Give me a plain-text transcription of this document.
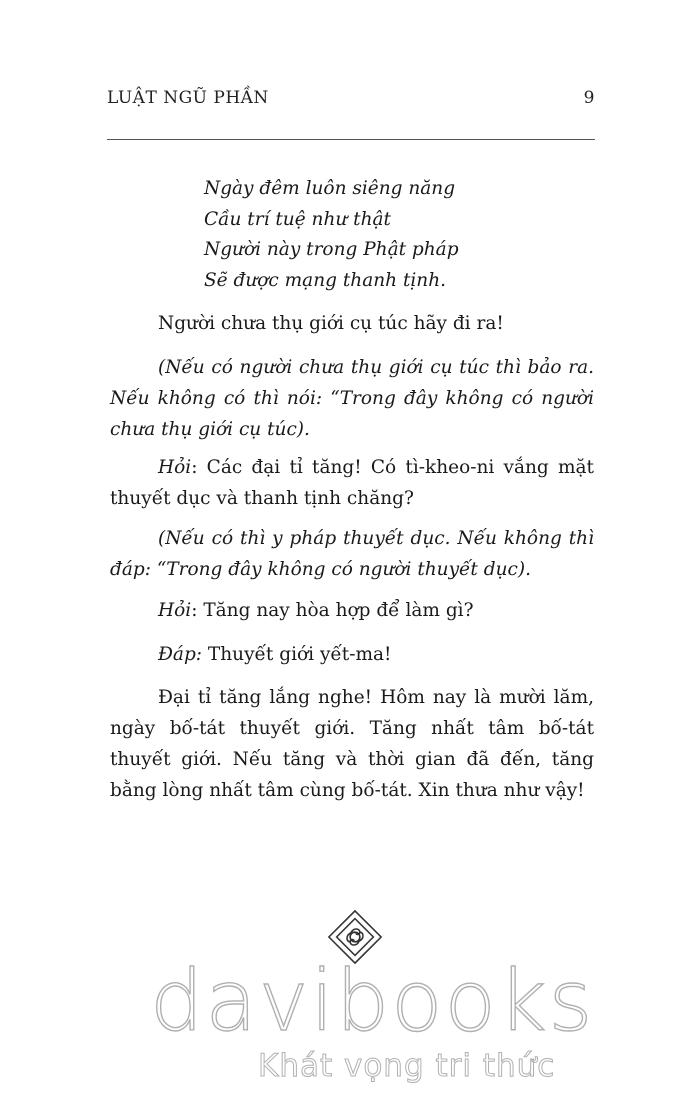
LUẬT NGŨ PHẦN	9
Ngày đêm luôn siêng năng
Cầu trí tuệ như thật
Người này trong Phật pháp
Sẽ được mạng thanh tịnh.

Người chưa thụ giới cụ túc hãy đi ra!

(Nếu có người chưa thụ giới cụ túc thì bảo ra. Nếu không có thì nói: “Trong đây không có người chưa thụ giới cụ túc).

Hỏi: Các đại tỉ tăng! Có tì-kheo-ni vắng mặt thuyết dục và thanh tịnh chăng?

(Nếu có thì y pháp thuyết dục. Nếu không thì đáp: “Trong đây không có người thuyết dục).

Hỏi: Tăng nay hòa hợp để làm gì?

Đáp: Thuyết giới yết-ma!

Đại tỉ tăng lắng nghe! Hôm nay là mười lăm, ngày bố-tát thuyết giới. Tăng nhất tâm bố-tát thuyết giới. Nếu tăng và thời gian đã đến, tăng bằng lòng nhất tâm cùng bố-tát. Xin thưa như vậy!

davibooks
Khát vọng tri thức
